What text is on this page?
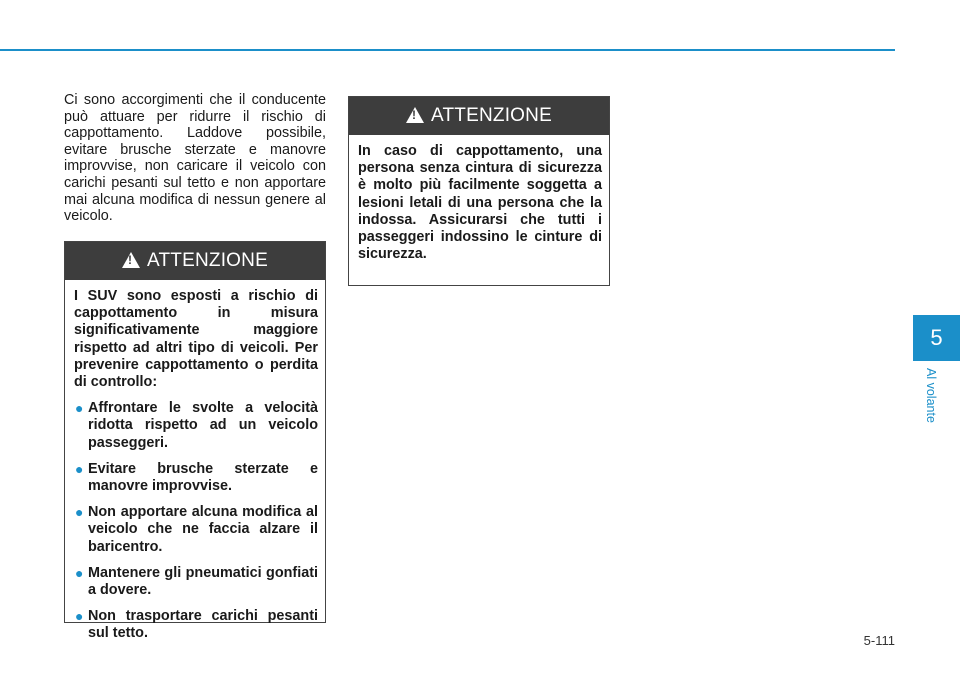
Ci sono accorgimenti che il conducente può attuare per ridurre il rischio di cappottamento. Laddove possibile, evitare brusche sterzate e manovre improvvise, non caricare il veicolo con carichi pesanti sul tetto e non apportare mai alcuna modifica di nessun genere al veicolo.

!
ATTENZIONE

I SUV sono esposti a rischio di cappottamento in misura significativamente maggiore rispetto ad altri tipo di veicoli. Per prevenire cappottamento o perdita di controllo:

● Affrontare le svolte a velocità ridotta rispetto ad un veicolo passeggeri.
● Evitare brusche sterzate e manovre improvvise.
● Non apportare alcuna modifica al veicolo che ne faccia alzare il baricentro.
● Mantenere gli pneumatici gonfiati a dovere.
● Non trasportare carichi pesanti sul tetto.
!
ATTENZIONE

In caso di cappottamento, una persona senza cintura di sicurezza è molto più facilmente soggetta a lesioni letali di una persona che la indossa. Assicurarsi che tutti i passeggeri indossino le cinture di sicurezza.

5
Al volante
5-111
